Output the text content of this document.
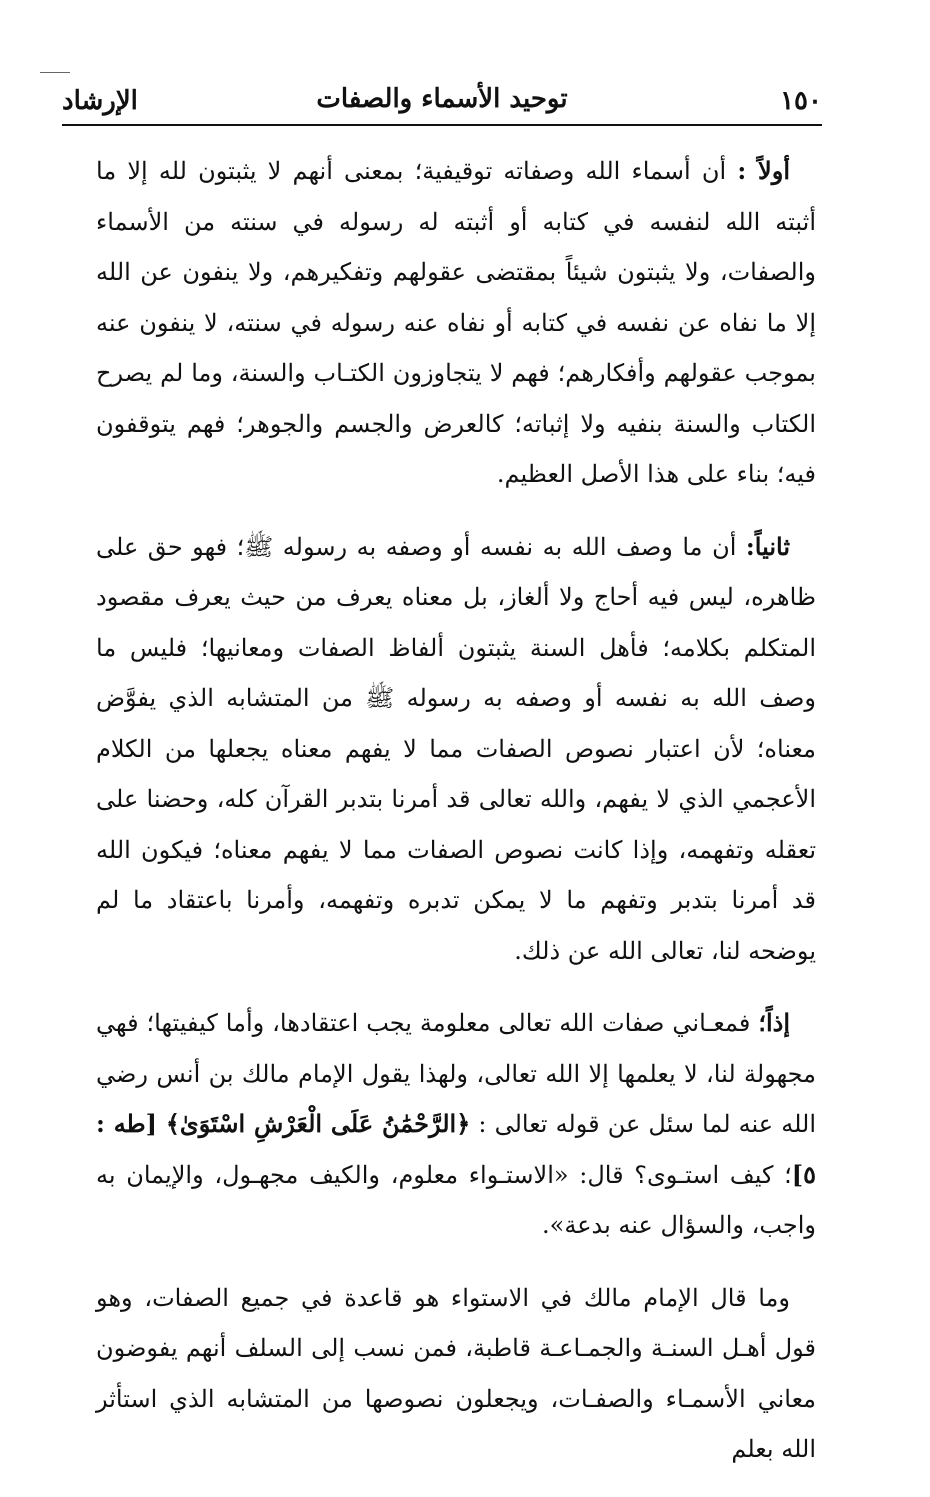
١٥٠
توحيد الأسماء والصفات
الإرشاد

أولاً : أن أسماء الله وصفاته توقيفية؛ بمعنى أنهم لا يثبتون لله إلا ما أثبته الله لنفسه في كتابه أو أثبته له رسوله في سنته من الأسماء والصفات، ولا يثبتون شيئاً بمقتضى عقولهم وتفكيرهم، ولا ينفون عن الله إلا ما نفاه عن نفسه في كتابه أو نفاه عنه رسوله في سنته، لا ينفون عنه بموجب عقولهم وأفكارهم؛ فهم لا يتجاوزون الكتـاب والسنة، وما لم يصرح الكتاب والسنة بنفيه ولا إثباته؛ كالعرض والجسم والجوهر؛ فهم يتوقفون فيه؛ بناء على هذا الأصل العظيم.

ثانياً: أن ما وصف الله به نفسه أو وصفه به رسوله ﷺ؛ فهو حق على ظاهره، ليس فيه أحاج ولا ألغاز، بل معناه يعرف من حيث يعرف مقصود المتكلم بكلامه؛ فأهل السنة يثبتون ألفاظ الصفات ومعانيها؛ فليس ما وصف الله به نفسه أو وصفه به رسوله ﷺ من المتشابه الذي يفوَّض معناه؛ لأن اعتبار نصوص الصفات مما لا يفهم معناه يجعلها من الكلام الأعجمي الذي لا يفهم، والله تعالى قد أمرنا بتدبر القرآن كله، وحضنا على تعقله وتفهمه، وإذا كانت نصوص الصفات مما لا يفهم معناه؛ فيكون الله قد أمرنا بتدبر وتفهم ما لا يمكن تدبره وتفهمه، وأمرنا باعتقاد ما لم يوضحه لنا، تعالى الله عن ذلك.

إذاً؛ فمعـاني صفات الله تعالى معلومة يجب اعتقادها، وأما كيفيتها؛ فهي مجهولة لنا، لا يعلمها إلا الله تعالى، ولهذا يقول الإمام مالك بن أنس رضي الله عنه لما سئل عن قوله تعالى : ﴿الرَّحْمَٰنُ عَلَى الْعَرْشِ اسْتَوَىٰ﴾ [طه : ٥]؛ كيف استـوى؟ قال: «الاستـواء معلوم، والكيف مجهـول، والإيمان به واجب، والسؤال عنه بدعة».

وما قال الإمام مالك في الاستواء هو قاعدة في جميع الصفات، وهو قول أهـل السنـة والجمـاعـة قاطبة، فمن نسب إلى السلف أنهم يفوضون معاني الأسمـاء والصفـات، ويجعلون نصوصها من المتشابه الذي استأثر الله بعلم
